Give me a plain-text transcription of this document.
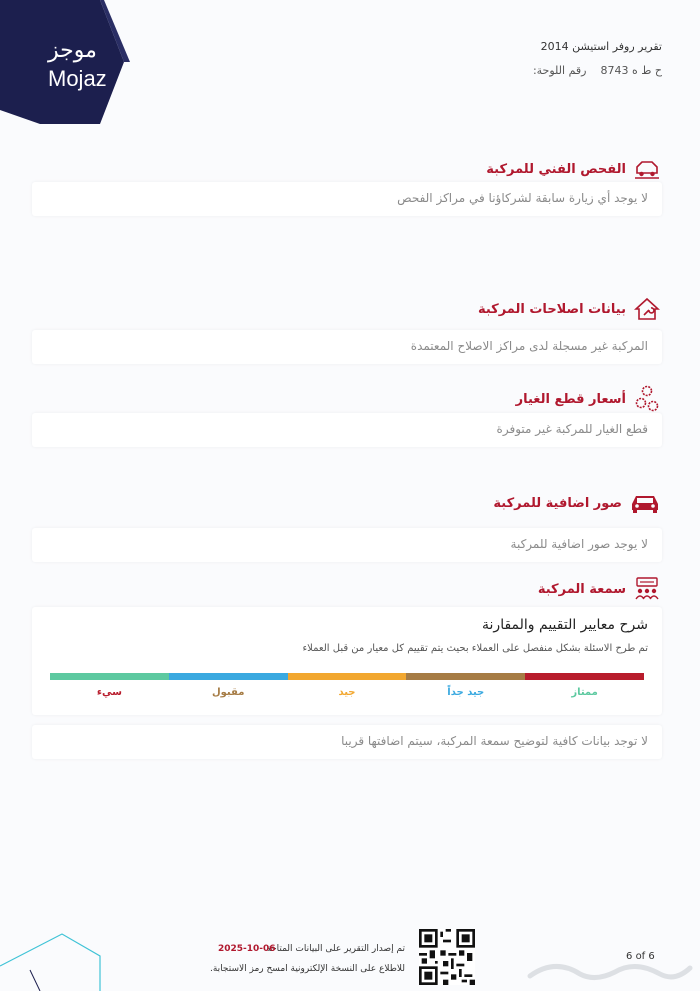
موجز
Mojaz
تقرير روفر استيشن 2014
رقم اللوحة: ح ط ه 8743
الفحص الفني للمركبة
لا يوجد أي زيارة سابقة لشركاؤنا في مراكز الفحص
بيانات اصلاحات المركبة
المركبة غير مسجلة لدى مراكز الاصلاح المعتمدة
أسعار قطع الغيار
قطع الغيار للمركبة غير متوفرة
صور اضافية للمركبة
لا يوجد صور اضافية للمركبة
سمعة المركبة
شرح معايير التقييم والمقارنة
تم طرح الاسئلة بشكل منفصل على العملاء بحيث يتم تقييم كل معيار من قبل العملاء
سيء	مقبول	جيد	جيد جداً	ممتاز
لا توجد بيانات كافية لتوضيح سمعة المركبة، سيتم اضافتها قريبا
تم إصدار التقرير على البيانات المتاحة
2025-10-06
للاطلاع على النسخة الإلكترونية امسح رمز الاستجابة.
6 of 6
